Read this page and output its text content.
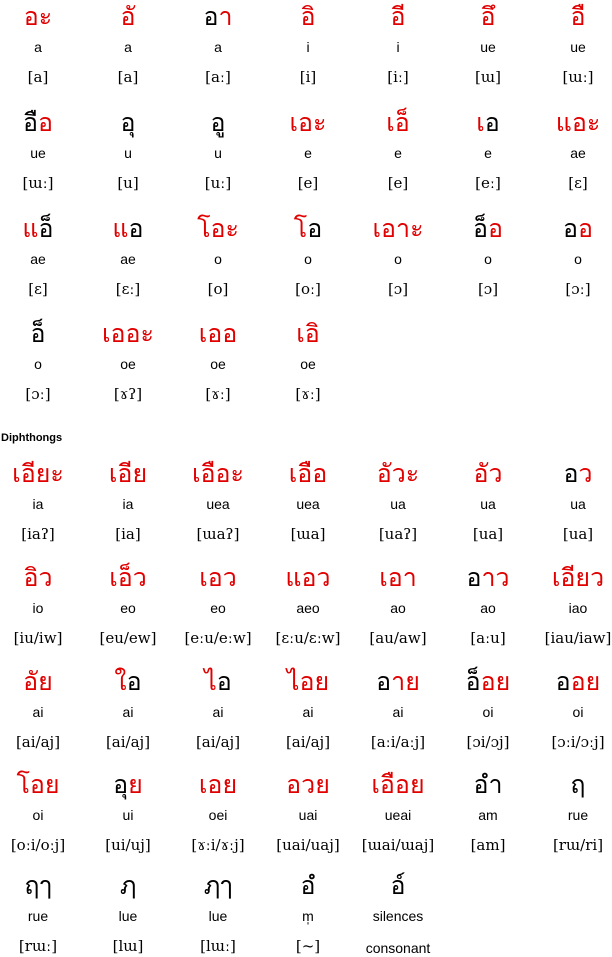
Diphthongs
อะ
a
[a]
อั
a
[a]
อา
a
[aː]
อิ
i
[i]
อี
i
[iː]
อึ
ue
[ɯ]
อื
ue
[ɯː]
อือ
ue
[ɯː]
อุ
u
[u]
อู
u
[uː]
เอะ
e
[e]
เอ็
e
[e]
เอ
e
[eː]
แอะ
ae
[ɛ]
แอ็
ae
[ɛ]
แอ
ae
[ɛː]
โอะ
o
[o]
โอ
o
[oː]
เอาะ
o
[ɔ]
อ็อ
o
[ɔ]
ออ
o
[ɔː]
อ็
o
[ɔː]
เออะ
oe
[ɤʔ]
เออ
oe
[ɤː]
เอิ
oe
[ɤː]
เอียะ
ia
[iaʔ]
เอีย
ia
[ia]
เอือะ
uea
[ɯaʔ]
เอือ
uea
[ɯa]
อัวะ
ua
[uaʔ]
อัว
ua
[ua]
อว
ua
[ua]
อิว
io
[iu/iw]
เอ็ว
eo
[eu/ew]
เอว
eo
[eːu/eːw]
แอว
aeo
[ɛːu/ɛːw]
เอา
ao
[au/aw]
อาว
ao
[aːu]
เอียว
iao
[iau/iaw]
อัย
ai
[ai/aj]
ใอ
ai
[ai/aj]
ไอ
ai
[ai/aj]
ไอย
ai
[ai/aj]
อาย
ai
[aːi/aːj]
อ็อย
oi
[ɔi/ɔj]
ออย
oi
[ɔːi/ɔːj]
โอย
oi
[oːi/oːj]
อุย
ui
[ui/uj]
เอย
oei
[ɤːi/ɤːj]
อวย
uai
[uai/uaj]
เอือย
ueai
[ɯai/ɯaj]
อำ
am
[am]
ฤ
rue
[rɯ/ri]
ฤๅ
rue
[rɯː]
ฦ
lue
[lɯ]
ฦๅ
lue
[lɯː]
อํ
m̩
[~]
อ์
silences
consonant
